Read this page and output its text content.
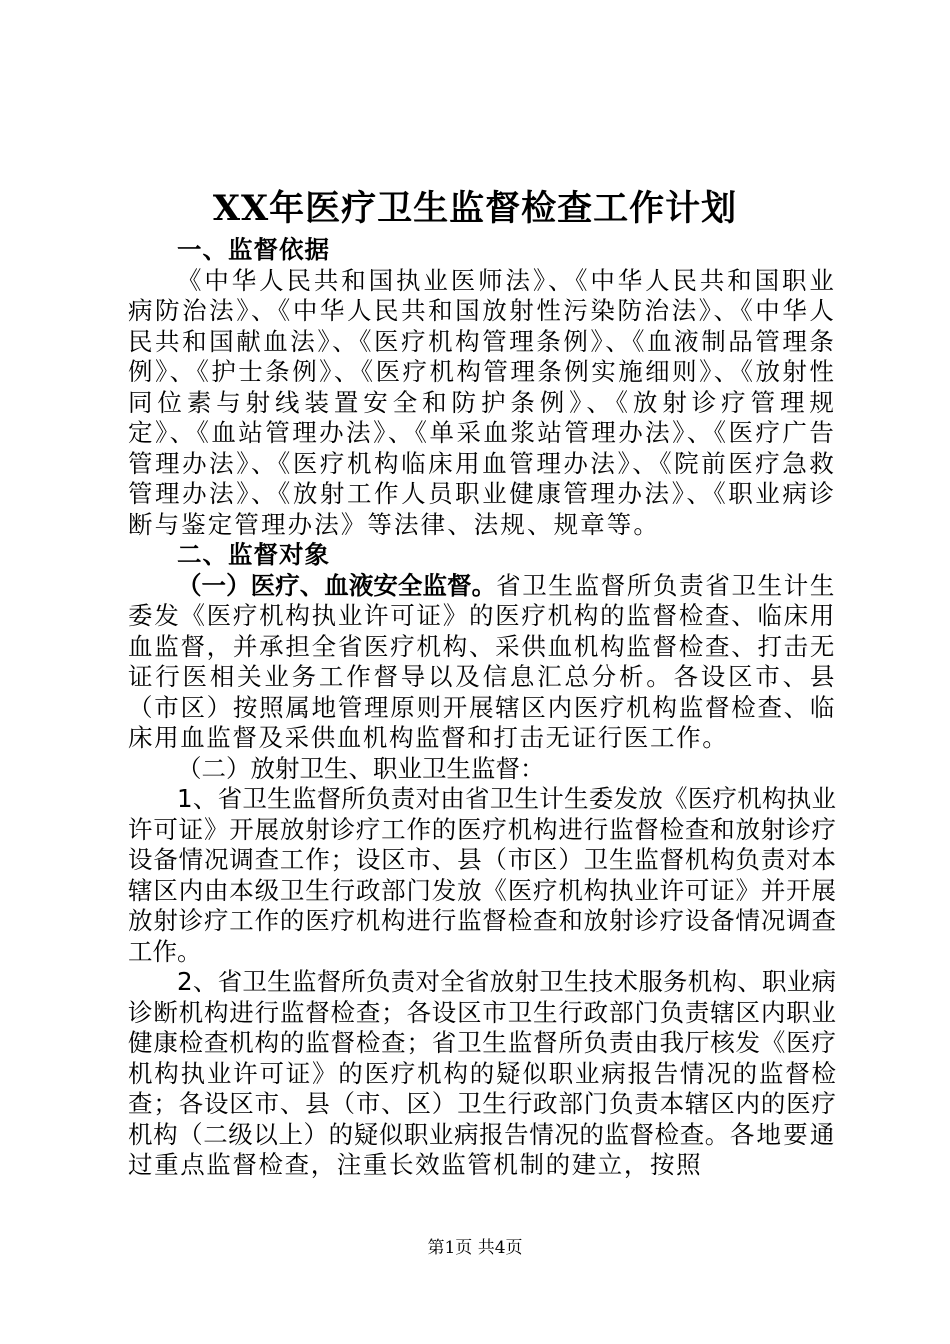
XX年医疗卫生监督检查工作计划

一、监督依据

《中华人民共和国执业医师法》、《中华人民共和国职业病防治法》、《中华人民共和国放射性污染防治法》、《中华人民共和国献血法》、《医疗机构管理条例》、《血液制品管理条例》、《护士条例》、《医疗机构管理条例实施细则》、《放射性同位素与射线装置安全和防护条例》、《放射诊疗管理规定》、《血站管理办法》、《单采血浆站管理办法》、《医疗广告管理办法》、《医疗机构临床用血管理办法》、《院前医疗急救管理办法》、《放射工作人员职业健康管理办法》、《职业病诊断与鉴定管理办法》等法律、法规、规章等。

二、监督对象

（一）医疗、血液安全监督。省卫生监督所负责省卫生计生委发《医疗机构执业许可证》的医疗机构的监督检查、临床用血监督，并承担全省医疗机构、采供血机构监督检查、打击无证行医相关业务工作督导以及信息汇总分析。各设区市、县（市区）按照属地管理原则开展辖区内医疗机构监督检查、临床用血监督及采供血机构监督和打击无证行医工作。

（二）放射卫生、职业卫生监督：

1、省卫生监督所负责对由省卫生计生委发放《医疗机构执业许可证》开展放射诊疗工作的医疗机构进行监督检查和放射诊疗设备情况调查工作；设区市、县（市区）卫生监督机构负责对本辖区内由本级卫生行政部门发放《医疗机构执业许可证》并开展放射诊疗工作的医疗机构进行监督检查和放射诊疗设备情况调查工作。

2、省卫生监督所负责对全省放射卫生技术服务机构、职业病诊断机构进行监督检查；各设区市卫生行政部门负责辖区内职业健康检查机构的监督检查；省卫生监督所负责由我厅核发《医疗机构执业许可证》的医疗机构的疑似职业病报告情况的监督检查；各设区市、县（市、区）卫生行政部门负责本辖区内的医疗机构（二级以上）的疑似职业病报告情况的监督检查。各地要通过重点监督检查，注重长效监管机制的建立，按照

第1页 共4页
